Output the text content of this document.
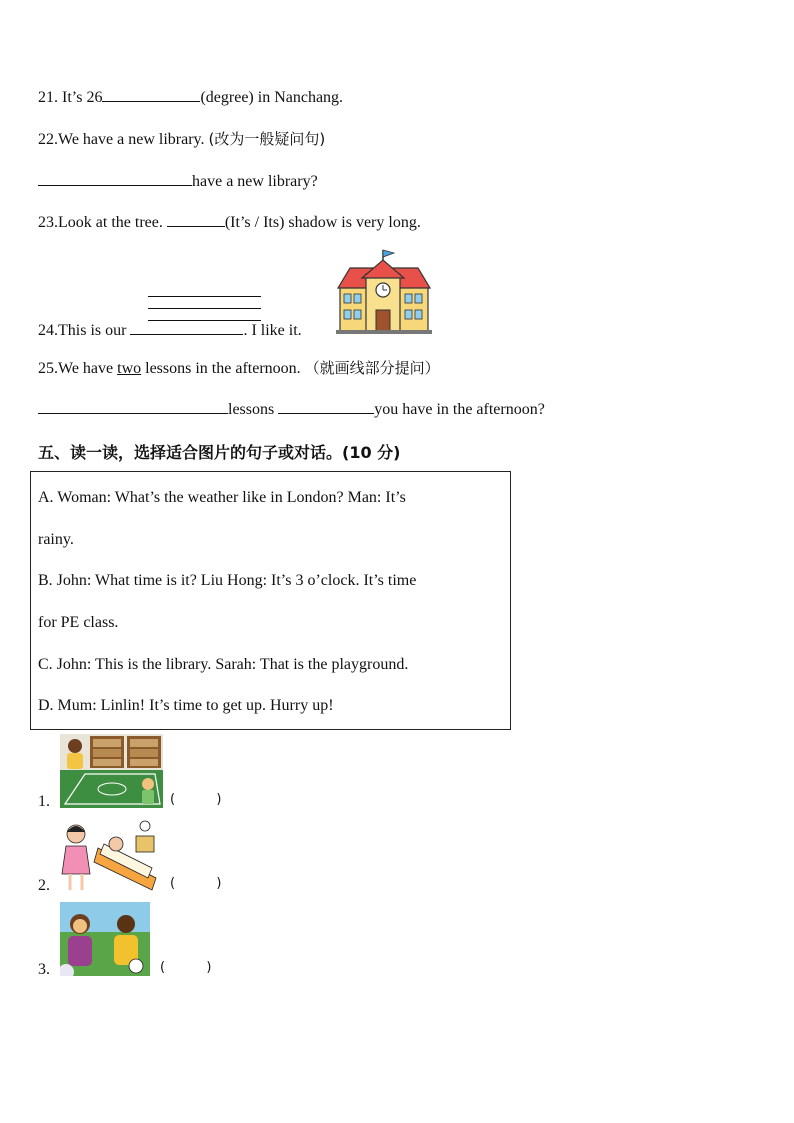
21. It’s 26	(degree) in Nanchang.
22.We have a new library. (改为一般疑问句)
have a new library?
23.Look at the tree.	(It’s / Its) shadow is very long.
24.This is our	. I like it.
25.We have two lessons in the afternoon. （就画线部分提问）
lessons	you have in the afternoon?
五、读一读，选择适合图片的句子或对话。(10 分)
A. Woman: What’s the weather like in London? Man: It’s
rainy.
B. John: What time is it? Liu Hong: It’s 3 o’clock. It’s time
for PE class.
C. John: This is the library. Sarah: That is the playground.
D. Mum: Linlin! It’s time to get up. Hurry up!
1.	(          )
2.	(          )
3.	(          )
